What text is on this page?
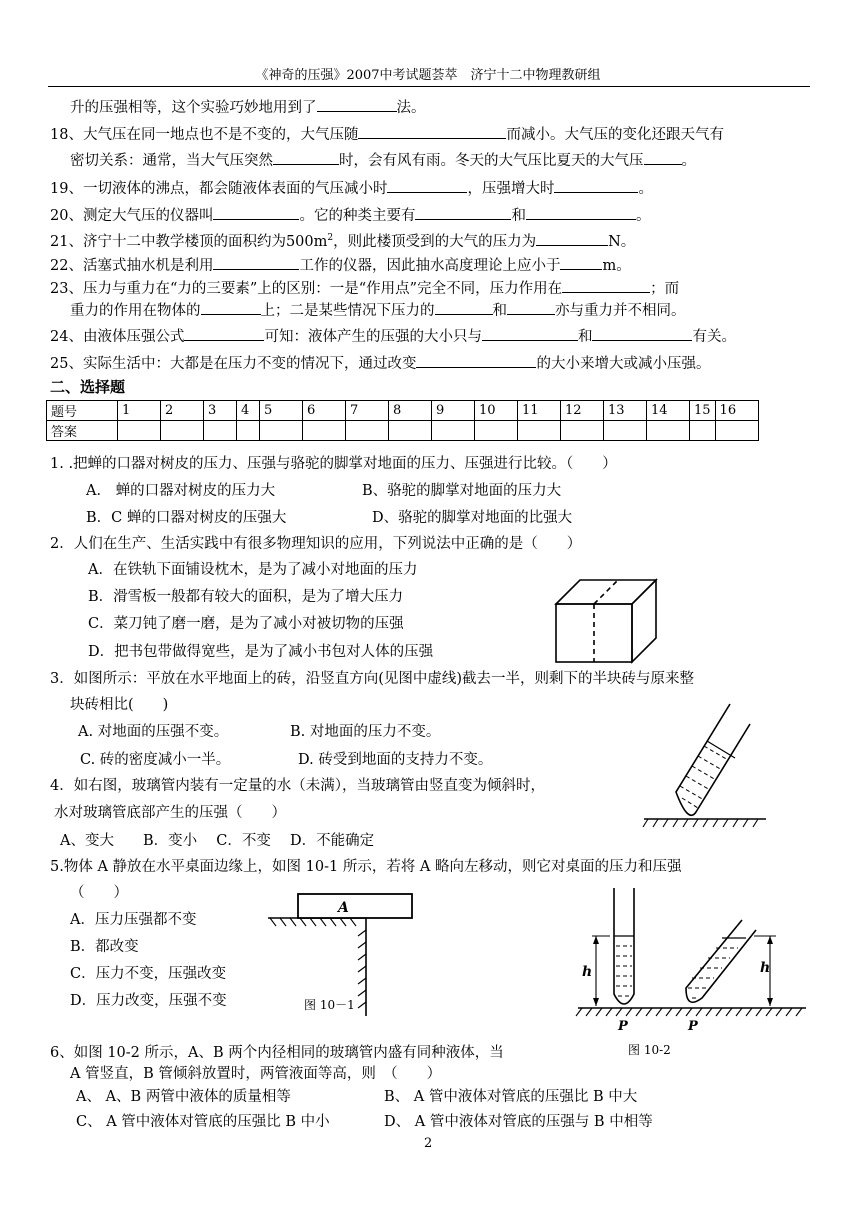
《神奇的压强》2007中考试题荟萃　济宁十二中物理教研组
升的压强相等，这个实验巧妙地用到了	法。
18、大气压在同一地点也不是不变的，大气压随	而减小。大气压的变化还跟天气有
密切关系：通常，当大气压突然	时，会有风有雨。冬天的大气压比夏天的大气压	。
19、一切液体的沸点，都会随液体表面的气压减小时	，压强增大时	。
20、测定大气压的仪器叫	。它的种类主要有	和	。
21、济宁十二中教学楼顶的面积约为$500m^2$，则此楼顶受到的大气的压力为	N。
22、活塞式抽水机是利用	工作的仪器，因此抽水高度理论上应小于	m。
23、压力与重力在“力的三要素”上的区别：一是“作用点”完全不同，压力作用在	；而
重力的作用在物体的	上；二是某些情况下压力的	和	亦与重力并不相同。
24、由液体压强公式	可知：液体产生的压强的大小只与	和	有关。
25、实际生活中：大都是在压力不变的情况下，通过改变	的大小来增大或减小压强。
二、选择题
题号	1	2	3	4	5	6	7	8	9	10	11	12	13	14	15	16
答案																
1. .把蝉的口器对树皮的压力、压强与骆驼的脚掌对地面的压力、压强进行比较。（　　）
A． 蝉的口器对树皮的压力大	B、骆驼的脚掌对地面的压力大
B．C 蝉的口器对树皮的压强大	D、骆驼的脚掌对地面的比强大
2．人们在生产、生活实践中有很多物理知识的应用，下列说法中正确的是（　　）
A．在铁轨下面铺设枕木，是为了减小对地面的压力
B．滑雪板一般都有较大的面积，是为了增大压力
C．菜刀钝了磨一磨，是为了减小对被切物的压强
D．把书包带做得宽些，是为了减小书包对人体的压强
3．如图所示：平放在水平地面上的砖，沿竖直方向(见图中虚线)截去一半，则剩下的半块砖与原来整
块砖相比(　　)
A. 对地面的压强不变。	B. 对地面的压力不变。
C. 砖的密度减小一半。	D. 砖受到地面的支持力不变。
4．如右图，玻璃管内装有一定量的水（未满），当玻璃管由竖直变为倾斜时，
水对玻璃管底部产生的压强（　　）
A、变大　　B．变小　 C．不变　 D．不能确定
5.物体 A 静放在水平桌面边缘上，如图 10-1 所示，若将 A 略向左移动，则它对桌面的压力和压强
（　　）
A．压力压强都不变
B．都改变
C．压力不变，压强改变
D．压力改变，压强不变
A
图 10－1
h	h
P	P
图 10-2
6、如图 10-2 所示，A、B 两个内径相同的玻璃管内盛有同种液体，当
A 管竖直，B 管倾斜放置时，两管液面等高，则　（　　）
A、 A、B 两管中液体的质量相等	B、 A 管中液体对管底的压强比 B 中大
C、 A 管中液体对管底的压强比 B 中小	D、 A 管中液体对管底的压强与 B 中相等
2
